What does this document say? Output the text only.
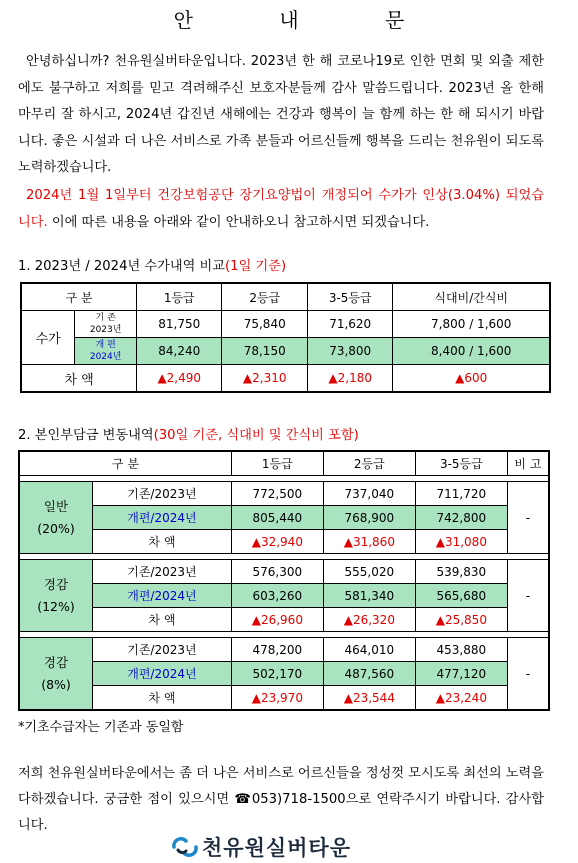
안 내 문
안녕하십니까? 천유원실버타운입니다. 2023년 한 해 코로나19로 인한 면회 및 외출 제한에도 불구하고 저희를 믿고 격려해주신 보호자분들께 감사 말씀드립니다. 2023년 올 한해 마무리 잘 하시고, 2024년 갑진년 새해에는 건강과 행복이 늘 함께 하는 한 해 되시기 바랍니다. 좋은 시설과 더 나은 서비스로 가족 분들과 어르신들께 행복을 드리는 천유원이 되도록 노력하겠습니다.
2024년 1월 1일부터 건강보험공단 장기요양법이 개정되어 수가가 인상(3.04%) 되었습니다. 이에 따른 내용을 아래와 같이 안내하오니 참고하시면 되겠습니다.
1. 2023년 / 2024년 수가내역 비교(1일 기준)
구 분		1등급	2등급	3-5등급	식대비/간식비
수가	기 존
2023년	81,750	75,840	71,620	7,800 / 1,600

	개 편
2024년	84,240	78,150	73,800	8,400 / 1,600
차 액		▲2,490	▲2,310	▲2,180	▲600
2. 본인부담금 변동내역(30일 기준, 식대비 및 간식비 포함)
구 분		1등급	2등급	3-5등급	비 고

일반
(20%)	기존/2023년	772,500	737,040	711,720	-
	개편/2024년	805,440	768,900	742,800	
	차 액	▲32,940	▲31,860	▲31,080	

경감
(12%)	기존/2023년	576,300	555,020	539,830	-
	개편/2024년	603,260	581,340	565,680	
	차 액	▲26,960	▲26,320	▲25,850	

경감
(8%)	기존/2023년	478,200	464,010	453,880	-
	개편/2024년	502,170	487,560	477,120	
	차 액	▲23,970	▲23,544	▲23,240	
*기초수급자는 기존과 동일함
저희 천유원실버타운에서는 좀 더 나은 서비스로 어르신들을 정성껏 모시도록 최선의 노력을 다하겠습니다. 궁금한 점이 있으시면 ☎053)718-1500으로 연락주시기 바랍니다. 감사합니다.
천유원실버타운
